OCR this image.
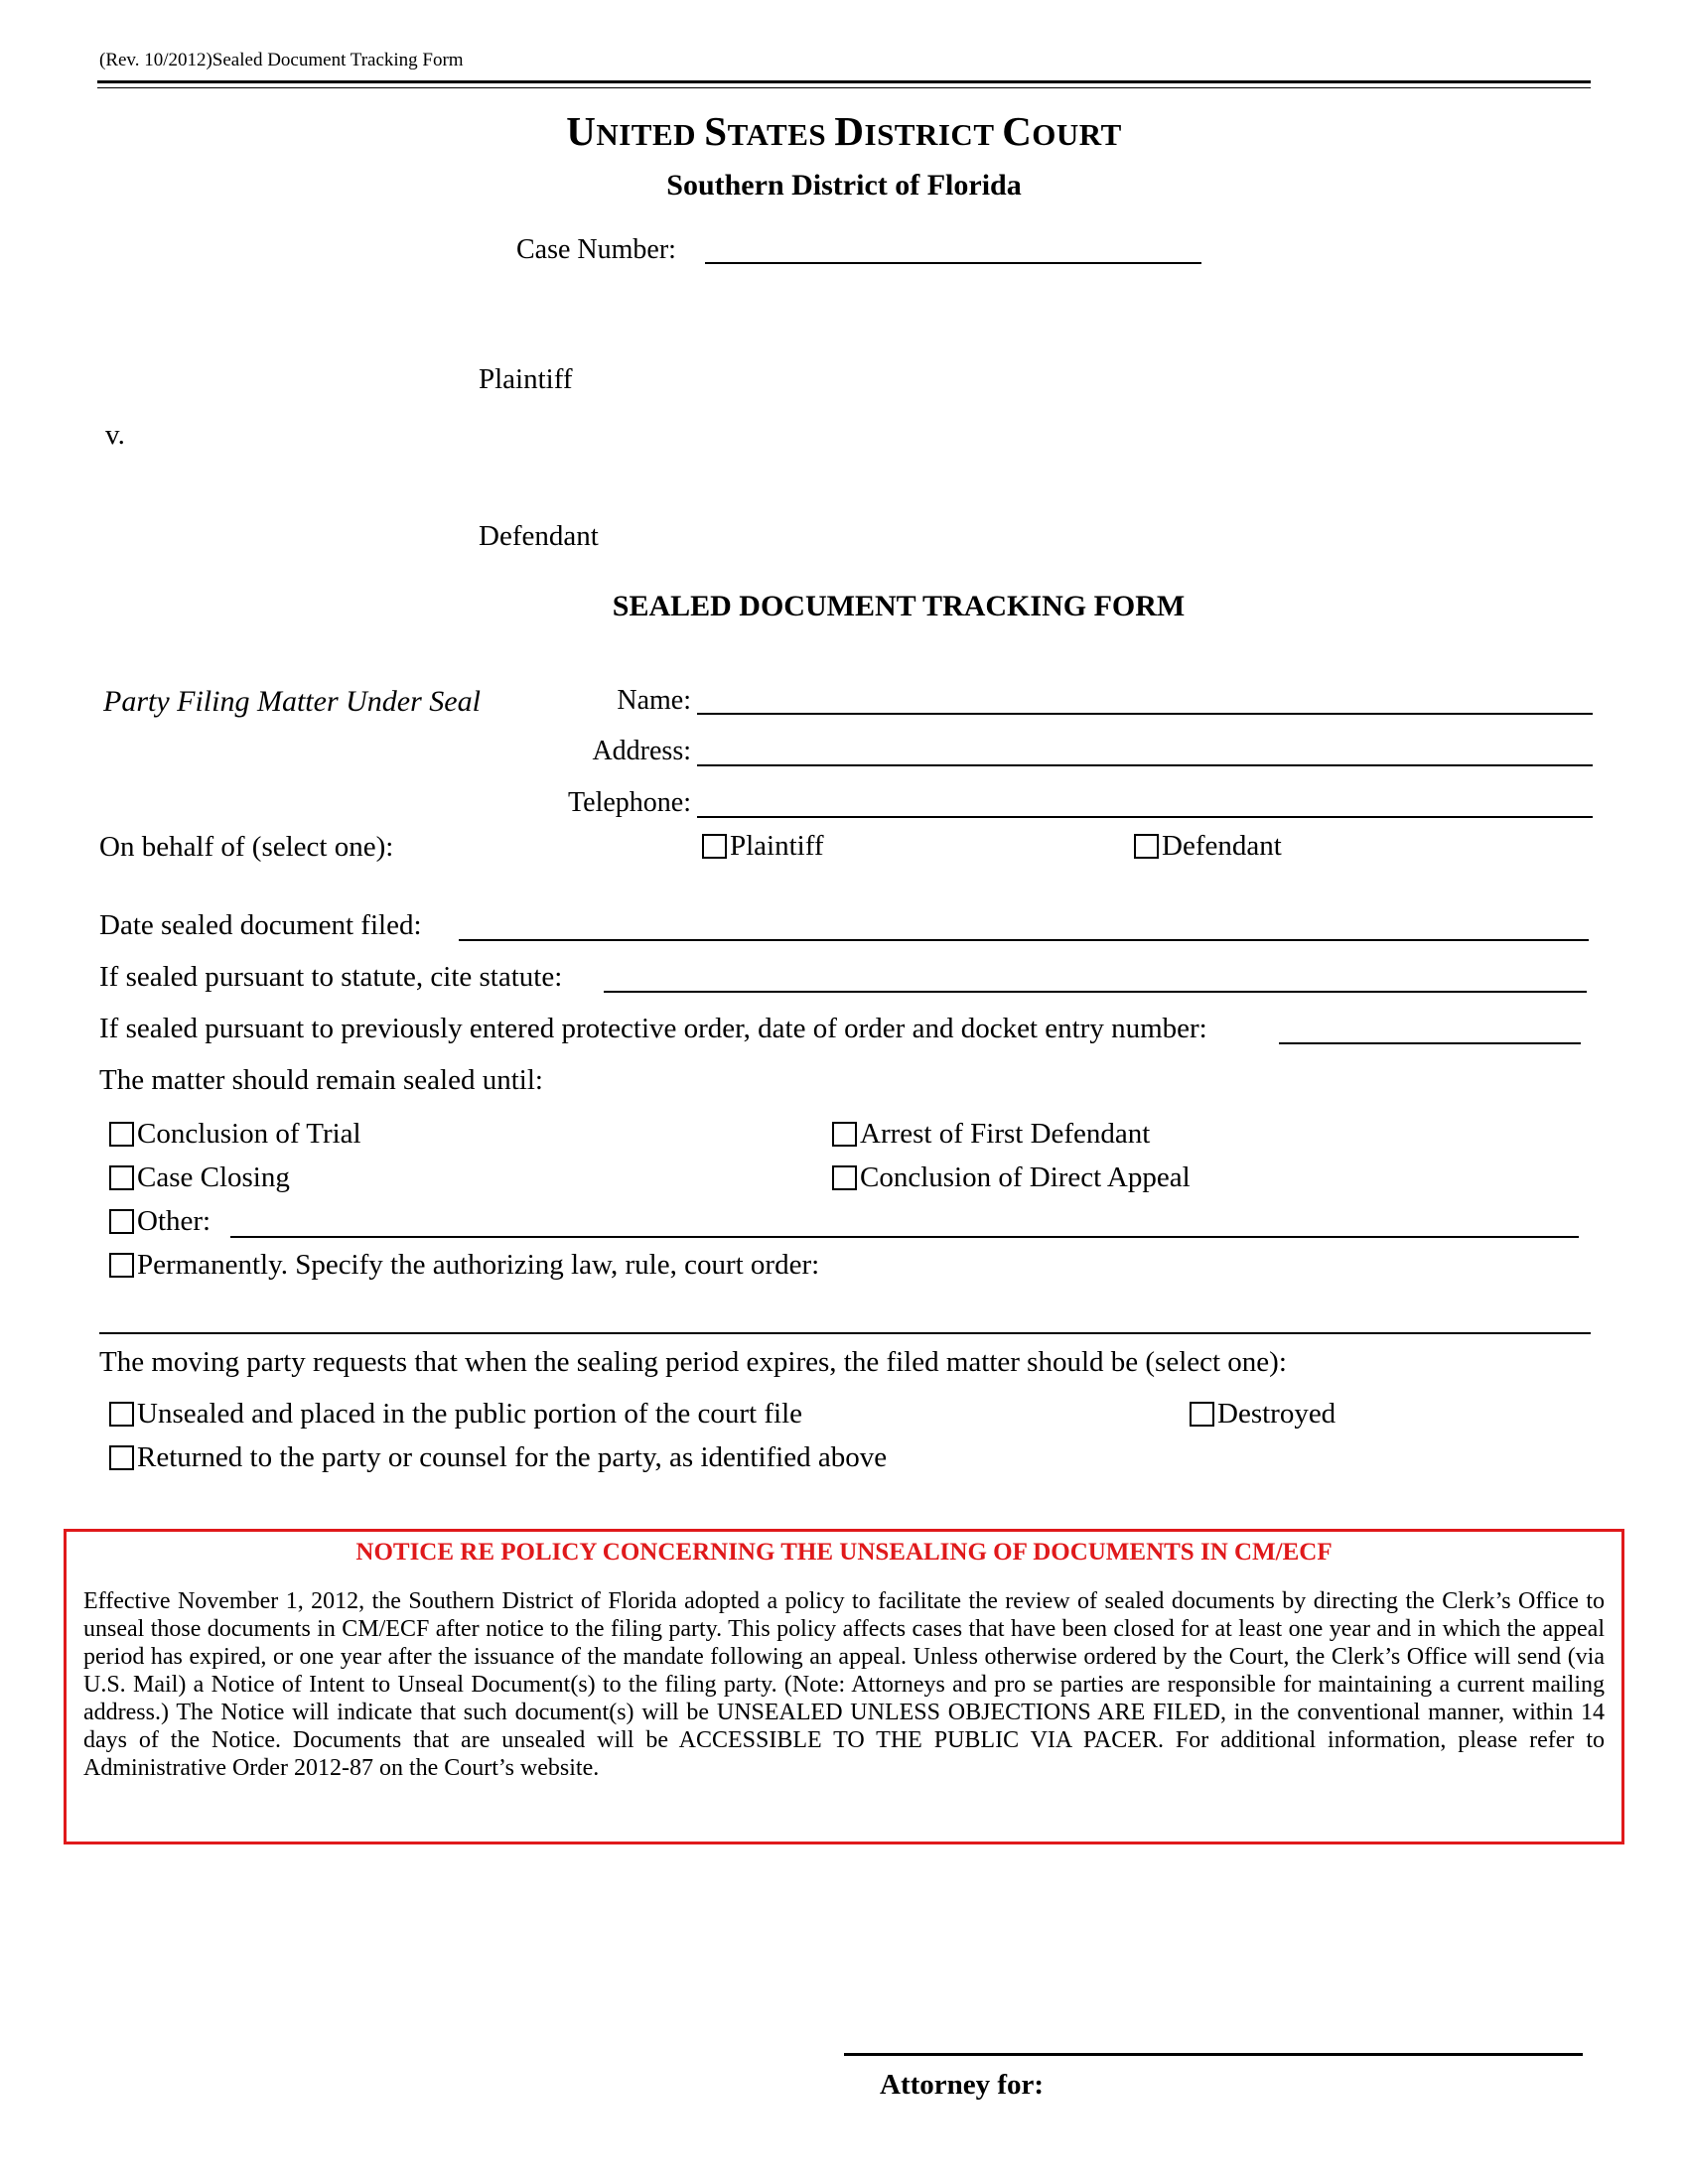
(Rev. 10/2012)Sealed Document Tracking Form
UNITED STATES DISTRICT COURT
Southern District of Florida
Case Number:
Plaintiff
v.
Defendant
SEALED DOCUMENT TRACKING FORM
Party Filing Matter Under Seal	Name:
Address:
Telephone:
On behalf of (select one):	Plaintiff	Defendant
Date sealed document filed:
If sealed pursuant to statute, cite statute:
If sealed pursuant to previously entered protective order, date of order and docket entry number:
The matter should remain sealed until:
Conclusion of Trial	Arrest of First Defendant
Case Closing	Conclusion of Direct Appeal
Other:
Permanently. Specify the authorizing law, rule, court order:
The moving party requests that when the sealing period expires, the filed matter should be (select one):
Unsealed and placed in the public portion of the court file	Destroyed
Returned to the party or counsel for the party, as identified above
NOTICE RE POLICY CONCERNING THE UNSEALING OF DOCUMENTS IN CM/ECF
Effective November 1, 2012, the Southern District of Florida adopted a policy to facilitate the review of sealed documents by directing the Clerk’s Office to unseal those documents in CM/ECF after notice to the filing party. This policy affects cases that have been closed for at least one year and in which the appeal period has expired, or one year after the issuance of the mandate following an appeal. Unless otherwise ordered by the Court, the Clerk’s Office will send (via U.S. Mail) a Notice of Intent to Unseal Document(s) to the filing party. (Note: Attorneys and pro se parties are responsible for maintaining a current mailing address.) The Notice will indicate that such document(s) will be UNSEALED UNLESS OBJECTIONS ARE FILED, in the conventional manner, within 14 days of the Notice. Documents that are unsealed will be ACCESSIBLE TO THE PUBLIC VIA PACER. For additional information, please refer to Administrative Order 2012-87 on the Court’s website.
Attorney for:
